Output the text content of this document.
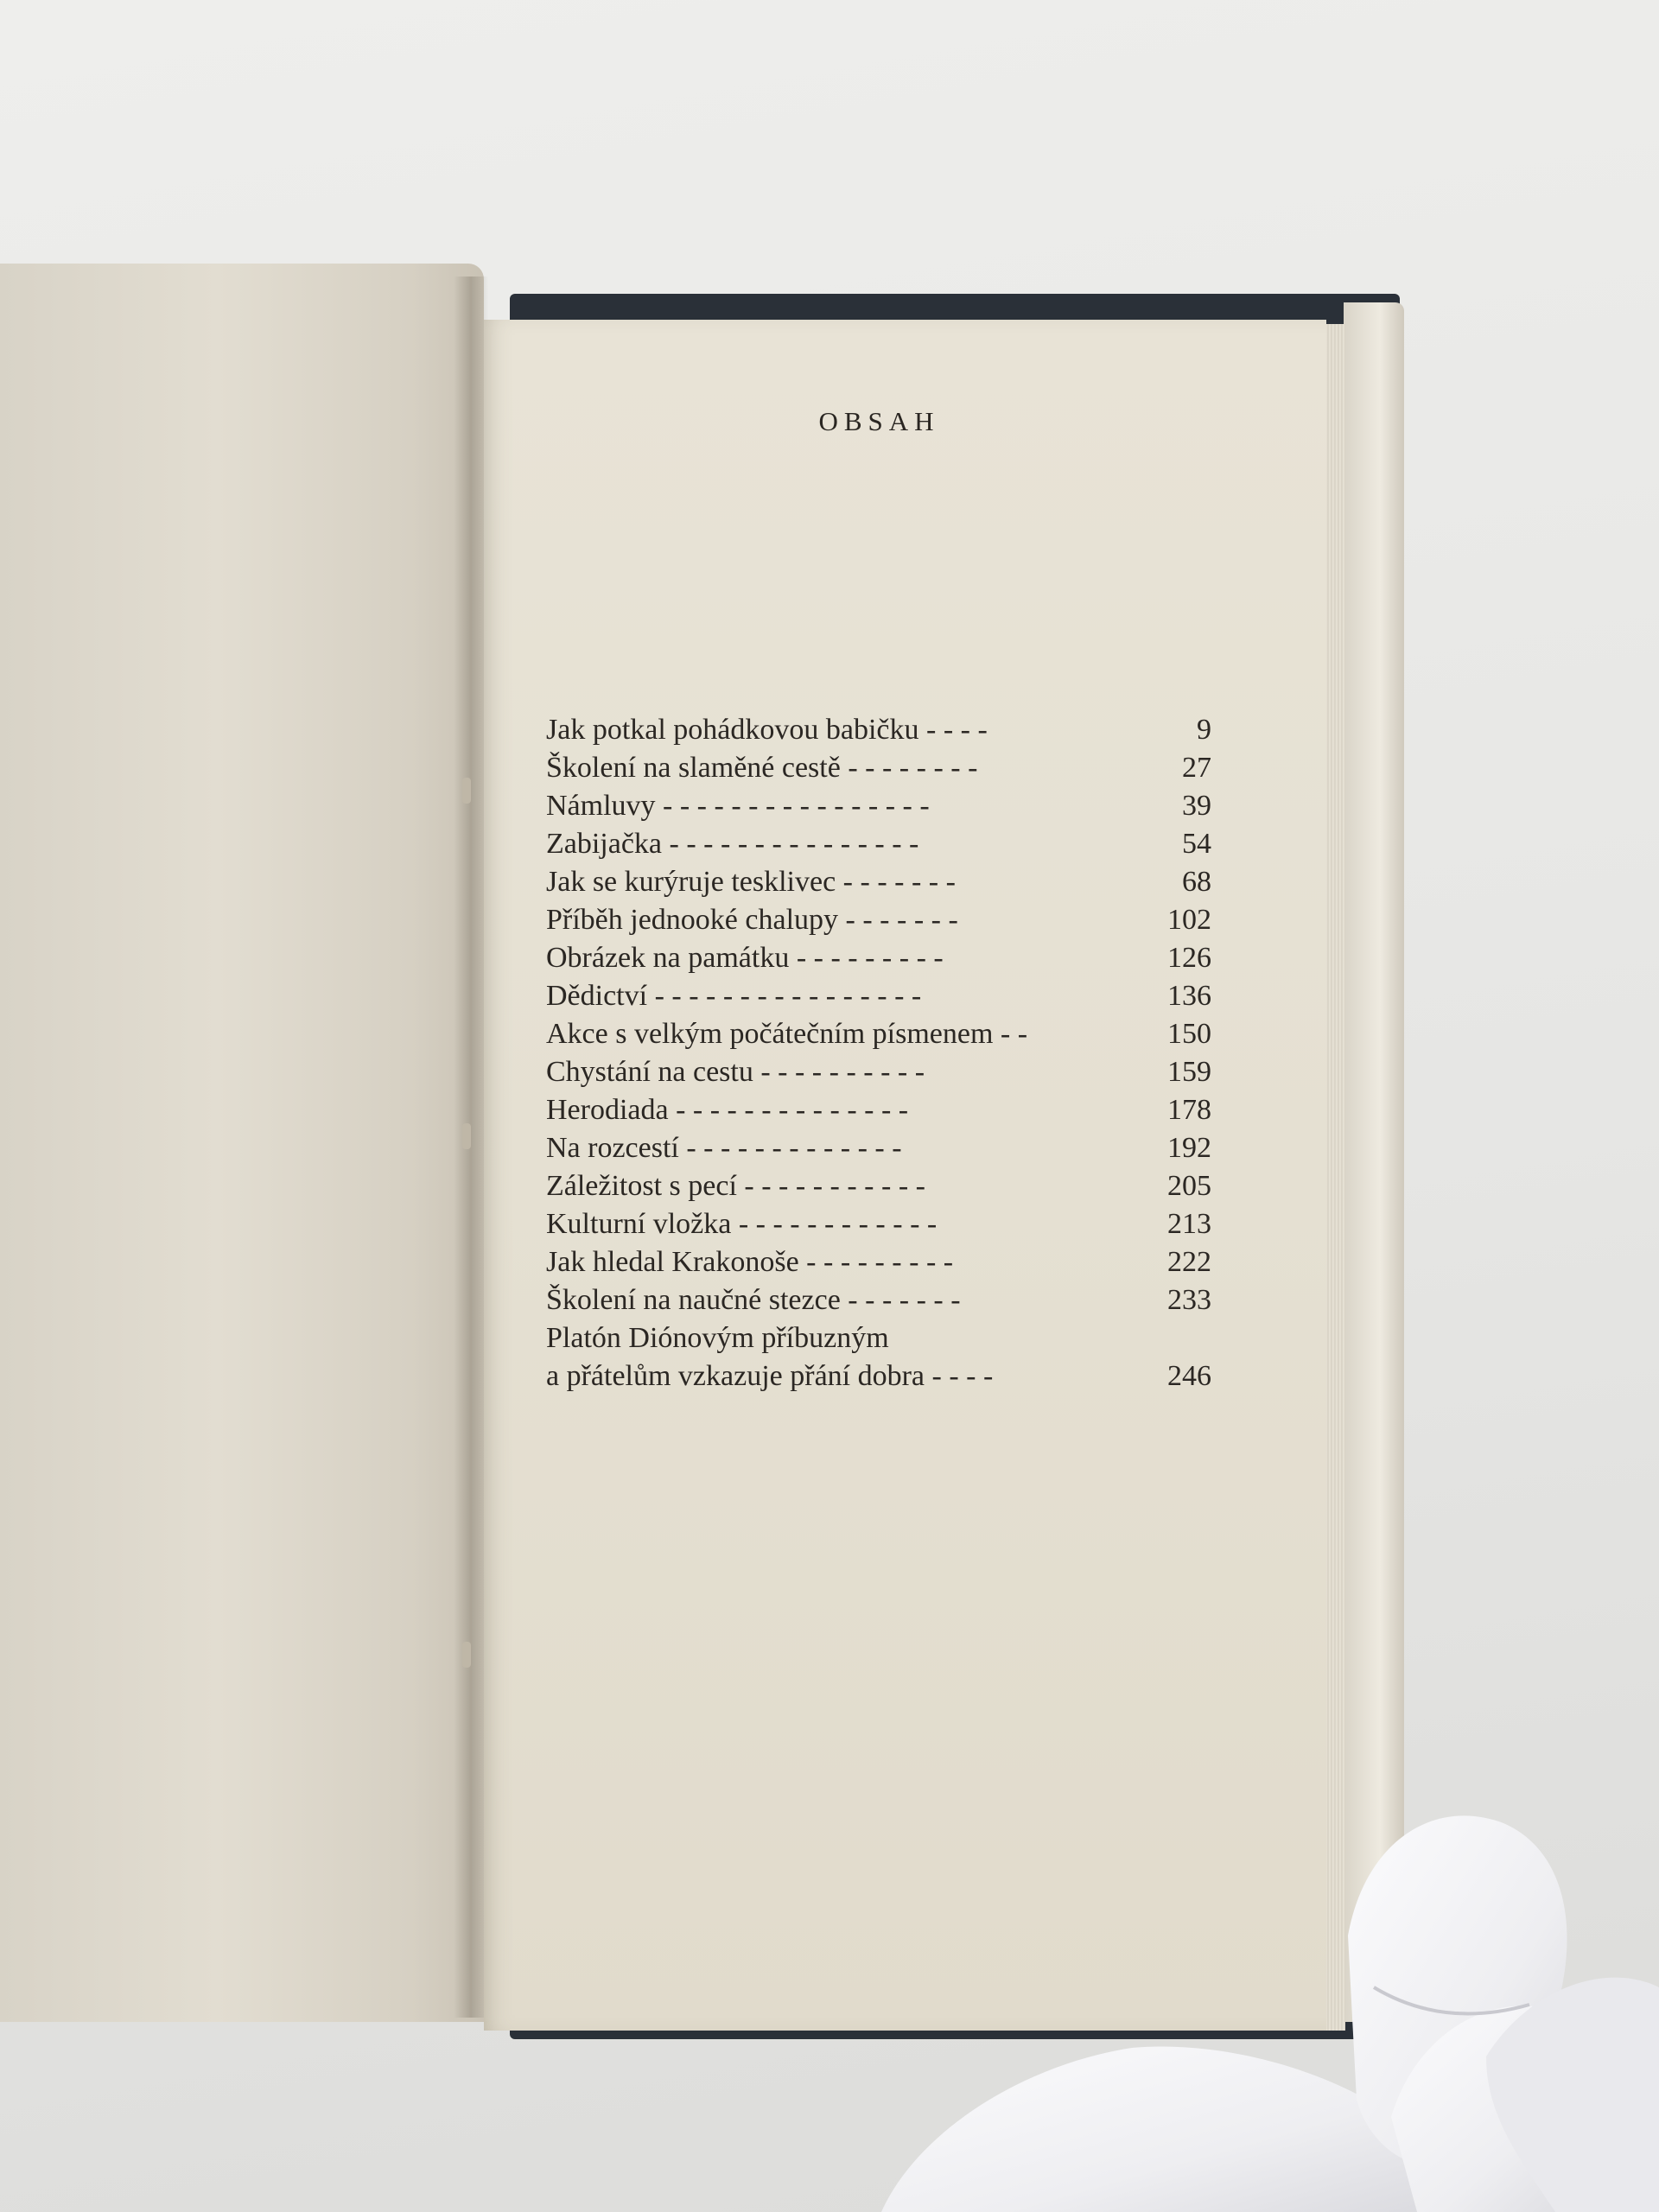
OBSAH
Jak potkal pohádkovou babičku - - - -	9
Školení na slaměné cestě - - - - - - - -	27
Námluvy - - - - - - - - - - - - - - - -	39
Zabijačka - - - - - - - - - - - - - - -	54
Jak se kurýruje tesklivec - - - - - - -	68
Příběh jednooké chalupy - - - - - - -	102
Obrázek na památku - - - - - - - - -	126
Dědictví - - - - - - - - - - - - - - - -	136
Akce s velkým počátečním písmenem - -	150
Chystání na cestu - - - - - - - - - -	159
Herodiada - - - - - - - - - - - - - -	178
Na rozcestí - - - - - - - - - - - - -	192
Záležitost s pecí - - - - - - - - - - -	205
Kulturní vložka - - - - - - - - - - - -	213
Jak hledal Krakonoše - - - - - - - - -	222
Školení na naučné stezce - - - - - - -	233
Platón Diónovým příbuzným
a přátelům vzkazuje přání dobra - - - -	246
